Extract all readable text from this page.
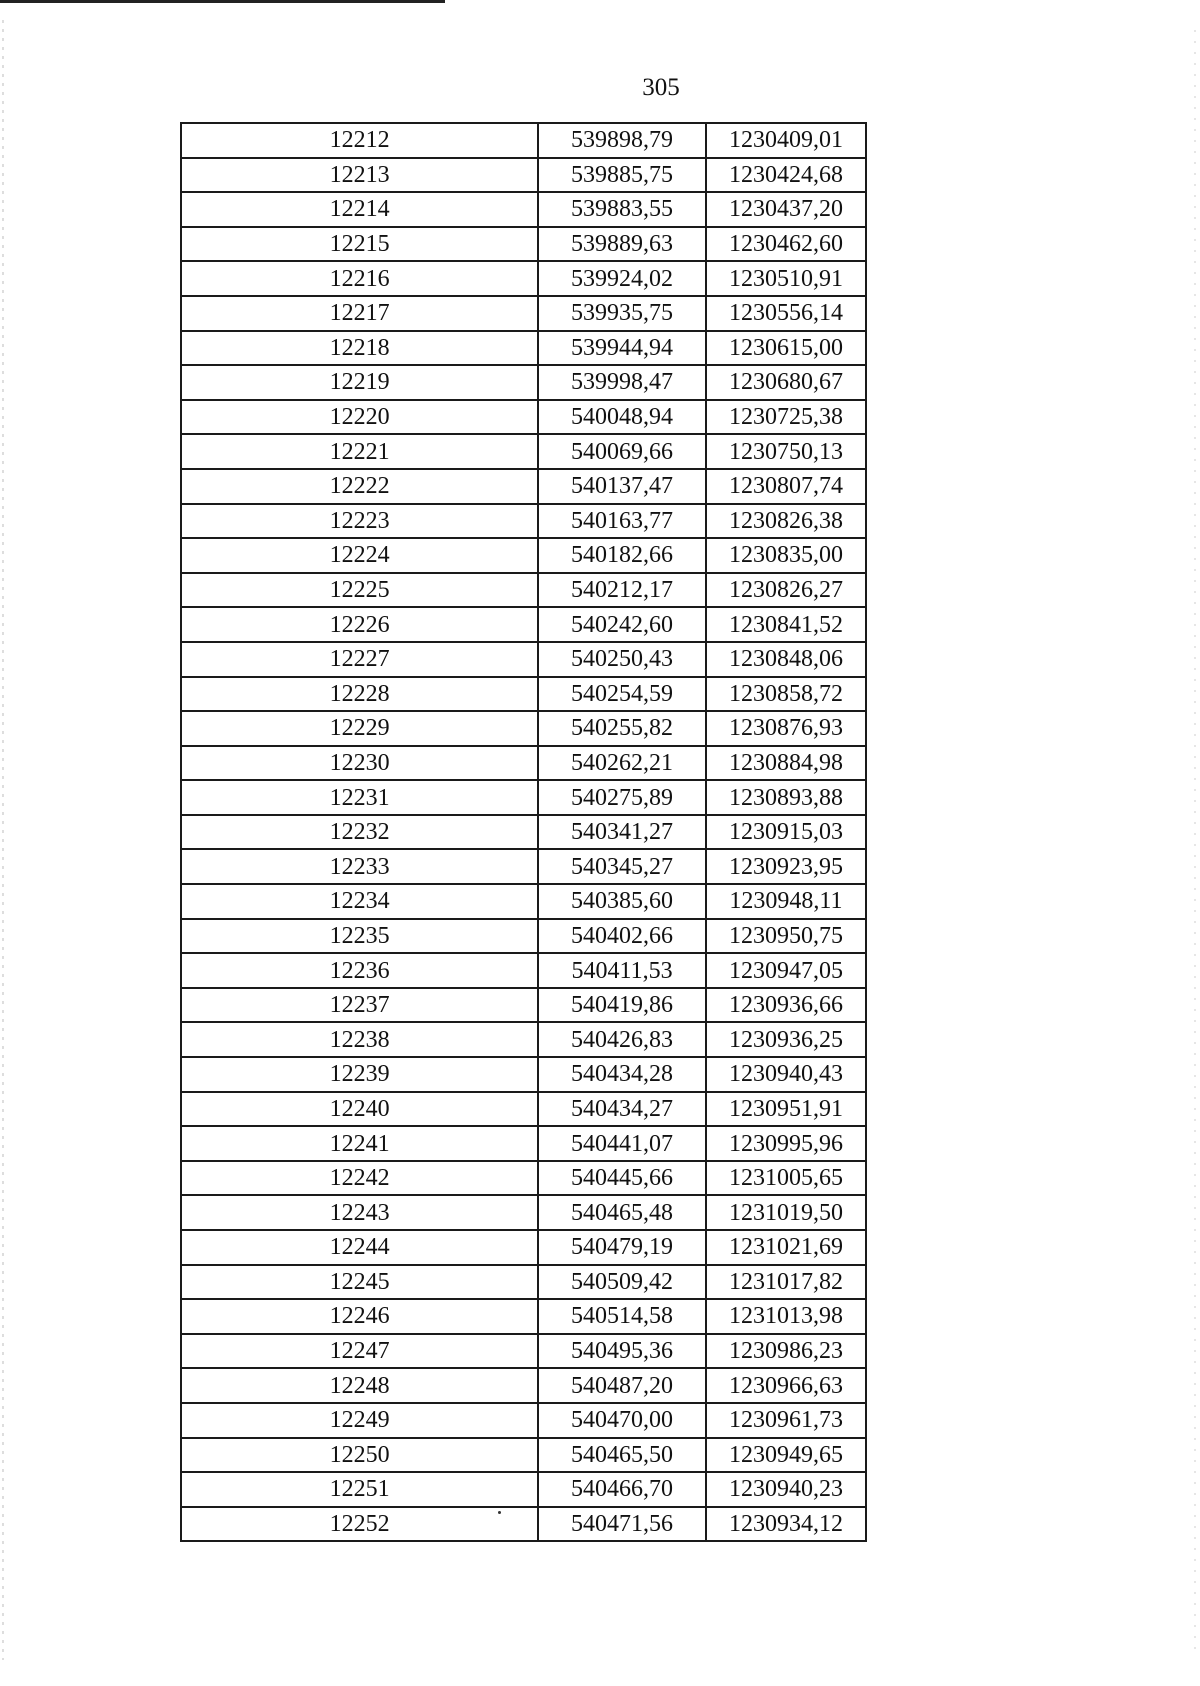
305
12212	539898,79	1230409,01
12213	539885,75	1230424,68
12214	539883,55	1230437,20
12215	539889,63	1230462,60
12216	539924,02	1230510,91
12217	539935,75	1230556,14
12218	539944,94	1230615,00
12219	539998,47	1230680,67
12220	540048,94	1230725,38
12221	540069,66	1230750,13
12222	540137,47	1230807,74
12223	540163,77	1230826,38
12224	540182,66	1230835,00
12225	540212,17	1230826,27
12226	540242,60	1230841,52
12227	540250,43	1230848,06
12228	540254,59	1230858,72
12229	540255,82	1230876,93
12230	540262,21	1230884,98
12231	540275,89	1230893,88
12232	540341,27	1230915,03
12233	540345,27	1230923,95
12234	540385,60	1230948,11
12235	540402,66	1230950,75
12236	540411,53	1230947,05
12237	540419,86	1230936,66
12238	540426,83	1230936,25
12239	540434,28	1230940,43
12240	540434,27	1230951,91
12241	540441,07	1230995,96
12242	540445,66	1231005,65
12243	540465,48	1231019,50
12244	540479,19	1231021,69
12245	540509,42	1231017,82
12246	540514,58	1231013,98
12247	540495,36	1230986,23
12248	540487,20	1230966,63
12249	540470,00	1230961,73
12250	540465,50	1230949,65
12251	540466,70	1230940,23
12252	540471,56	1230934,12
